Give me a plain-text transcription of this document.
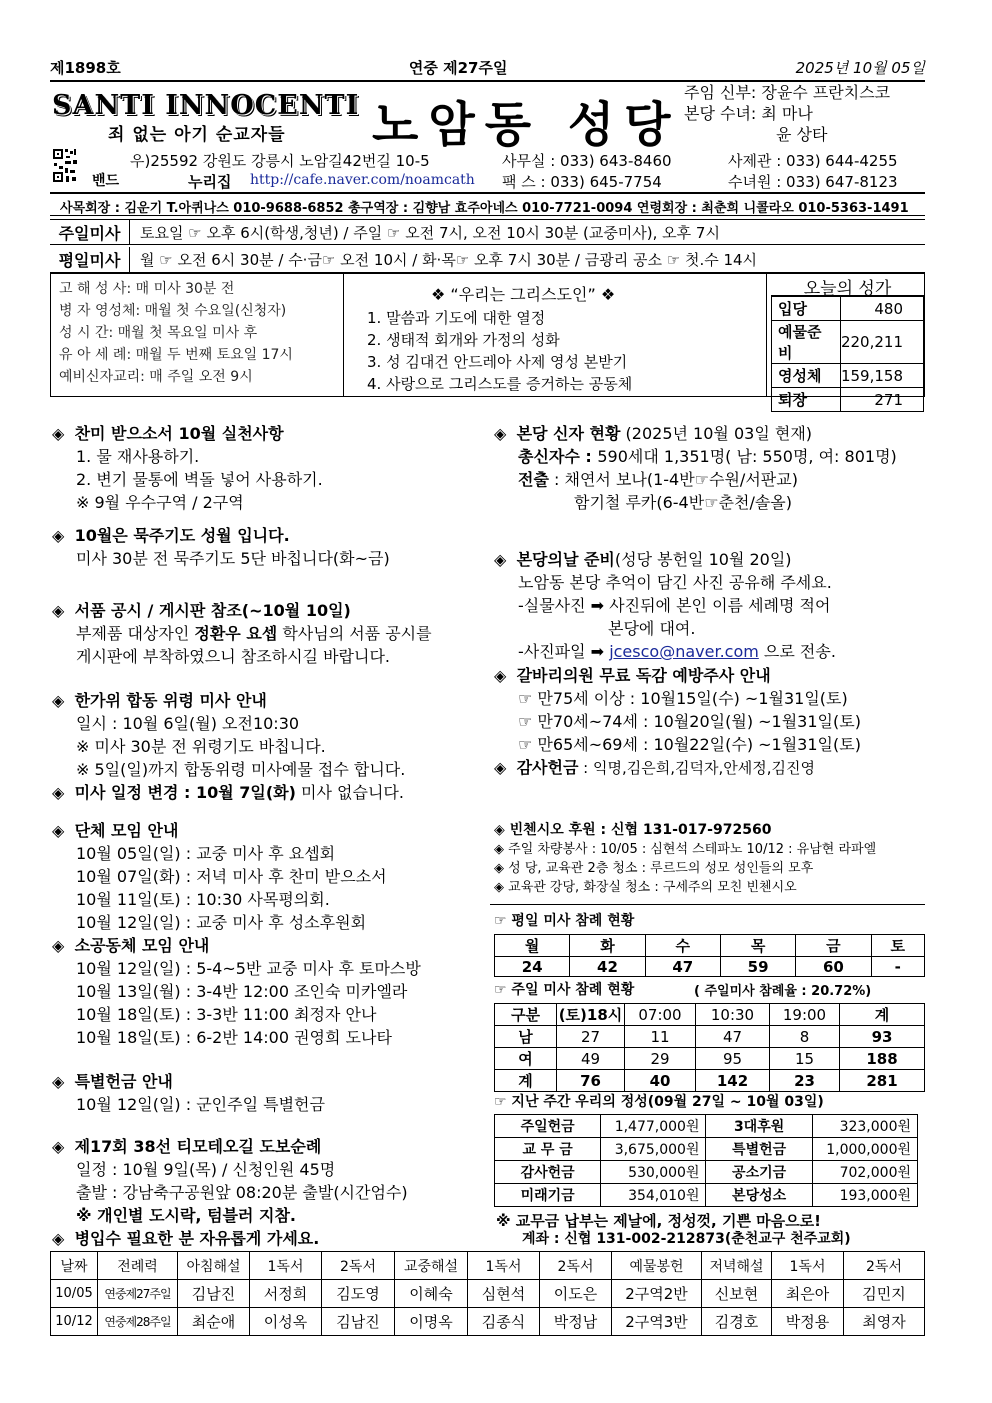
제1898호	연중 제27주일	2025년 10월 05일
SANTI INNOCENTI
죄 없는 아기 순교자들 노암동 성당
주임 신부: 장윤수 프란치스코
본당 수녀: 최 마나
윤 상타
밴드
우)25592 강원도 강릉시 노암길42번길 10-5
누리집 http://cafe.naver.com/noamcath
사무실 : 033) 643-8460
팩 스 : 033) 645-7754
사제관 : 033) 644-4255
수녀원 : 033) 647-8123
사목회장 : 김운기 T.아퀴나스 010-9688-6852 총구역장 : 김향남 효주아네스 010-7721-0094 연령회장 : 최춘희 니콜라오 010-5363-1491
주일미사	토요일 ☞ 오후 6시(학생,청년) / 주일 ☞ 오전 7시, 오전 10시 30분 (교중미사), 오후 7시
평일미사	월 ☞ 오전 6시 30분 / 수·금☞ 오전 10시 / 화·목☞ 오후 7시 30분 / 금광리 공소 ☞ 첫.수 14시
고 해 성 사: 매 미사 30분 전
병 자 영성체: 매월 첫 수요일(신청자)
성 시 간: 매월 첫 목요일 미사 후
유 아 세 례: 매월 두 번째 토요일 17시
예비신자교리: 매 주일 오전 9시
❖ “우리는 그리스도인” ❖
1. 말씀과 기도에 대한 열정
2. 생태적 회개와 가정의 성화
3. 성 김대건 안드레아 사제 영성 본받기
4. 사랑으로 그리스도를 증거하는 공동체
오늘의 성가
입당	480
예물준비	220,211
영성체	159,158
퇴장	271
◈ 찬미 받으소서 10월 실천사항
1. 물 재사용하기.
2. 변기 물통에 벽돌 넣어 사용하기.
※ 9월 우수구역 / 2구역
◈ 10월은 묵주기도 성월 입니다.
미사 30분 전 묵주기도 5단 바칩니다(화~금)
◈ 서품 공시 / 게시판 참조(~10월 10일)
부제품 대상자인 정환우 요셉 학사님의 서품 공시를
게시판에 부착하였으니 참조하시길 바랍니다.
◈ 한가위 합동 위령 미사 안내
일시 : 10월 6일(월) 오전10:30
※ 미사 30분 전 위령기도 바칩니다.
※ 5일(일)까지 합동위령 미사예물 접수 합니다.
◈ 미사 일정 변경 : 10월 7일(화) 미사 없습니다.
◈ 단체 모임 안내
10월 05일(일) : 교중 미사 후 요셉회
10월 07일(화) : 저녁 미사 후 찬미 받으소서
10월 11일(토) : 10:30 사목평의회.
10월 12일(일) : 교중 미사 후 성소후원회
◈ 소공동체 모임 안내
10월 12일(일) : 5-4~5반 교중 미사 후 토마스방
10월 13일(월) : 3-4반 12:00 조인숙 미카엘라
10월 18일(토) : 3-3반 11:00 최정자 안나
10월 18일(토) : 6-2반 14:00 권영희 도나타
◈ 특별헌금 안내
10월 12일(일) : 군인주일 특별헌금
◈ 제17회 38선 티모테오길 도보순례
일정 : 10월 9일(목) / 신청인원 45명
출발 : 강남축구공원앞 08:20분 출발(시간엄수)
※ 개인별 도시락, 텀블러 지참.
◈ 병입수 필요한 분 자유롭게 가세요.
◈ 본당 신자 현황 (2025년 10월 03일 현재)
총신자수 : 590세대 1,351명( 남: 550명, 여: 801명)
전출 : 채연서 보나(1-4반☞수원/서판교)
함기철 루카(6-4반☞춘천/솔올)
◈ 본당의날 준비(성당 봉헌일 10월 20일)
노암동 본당 추억이 담긴 사진 공유해 주세요.
-실물사진 ➡ 사진뒤에 본인 이름 세례명 적어
본당에 대여.
-사진파일 ➡ jcesco@naver.com 으로 전송.
◈ 갈바리의원 무료 독감 예방주사 안내
☞ 만75세 이상 : 10월15일(수) ~1월31일(토)
☞ 만70세~74세 : 10월20일(월) ~1월31일(토)
☞ 만65세~69세 : 10월22일(수) ~1월31일(토)
◈ 감사헌금 : 익명,김은희,김덕자,안세정,김진영
◈ 빈첸시오 후원 : 신협 131-017-972560
◈ 주일 차량봉사 : 10/05 : 심현석 스테파노 10/12 : 유남현 라파엘
◈ 성 당, 교육관 2층 청소 : 루르드의 성모 성인들의 모후
◈ 교육관 강당, 화장실 청소 : 구세주의 모친 빈첸시오
☞ 평일 미사 참례 현황
월	화	수	목	금	토
24	42	47	59	60	-
☞ 주일 미사 참례 현황	( 주일미사 참례율 : 20.72%)
구분	(토)18시	07:00	10:30	19:00	계
남	27	11	47	8	93
여	49	29	95	15	188
계	76	40	142	23	281
☞ 지난 주간 우리의 정성(09월 27일 ~ 10월 03일)
주일헌금	1,477,000원	3대후원	323,000원
교 무 금	3,675,000원	특별헌금	1,000,000원
감사헌금	530,000원	공소기금	702,000원
미래기금	354,010원	본당성소	193,000원
※ 교무금 납부는 제날에, 정성껏, 기쁜 마음으로!
계좌 : 신협 131-002-212873(춘천교구 천주교회)
날짜	전례력	아침해설	1독서	2독서	교중해설	1독서	2독서	예물봉헌	저녁해설	1독서	2독서
10/05	연중제27주일	김남진	서정희	김도영	이혜숙	심현석	이도은	2구역2반	신보현	최은아	김민지
10/12	연중제28주일	최순애	이성옥	김남진	이명옥	김종식	박정남	2구역3반	김경호	박정용	최영자
